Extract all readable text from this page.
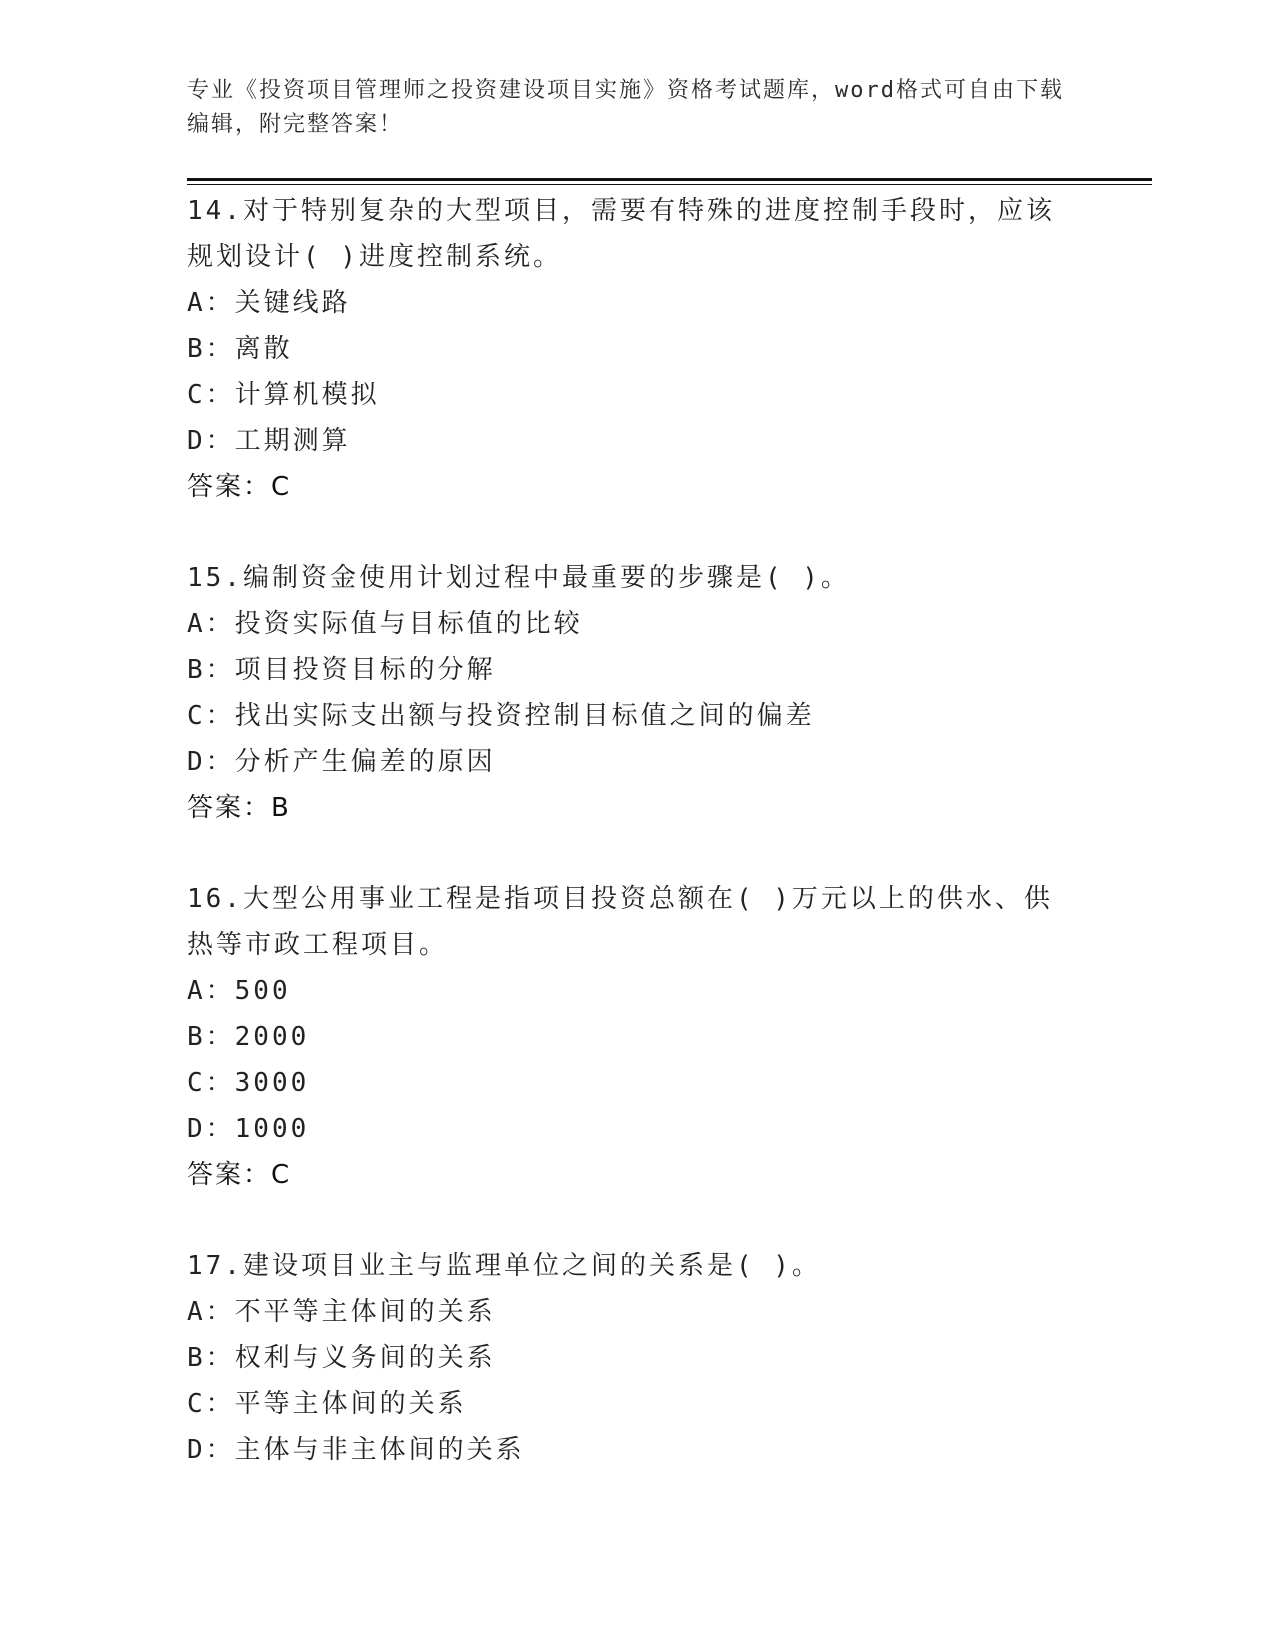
专业《投资项目管理师之投资建设项目实施》资格考试题库，word格式可自由下载编辑，附完整答案！

14.对于特别复杂的大型项目，需要有特殊的进度控制手段时，应该规划设计( )进度控制系统。

A：关键线路

B：离散

C：计算机模拟

D：工期测算

答案：C

15.编制资金使用计划过程中最重要的步骤是( )。

A：投资实际值与目标值的比较

B：项目投资目标的分解

C：找出实际支出额与投资控制目标值之间的偏差

D：分析产生偏差的原因

答案：B

16.大型公用事业工程是指项目投资总额在( )万元以上的供水、供热等市政工程项目。

A：500

B：2000

C：3000

D：1000

答案：C

17.建设项目业主与监理单位之间的关系是( )。

A：不平等主体间的关系

B：权利与义务间的关系

C：平等主体间的关系

D：主体与非主体间的关系
